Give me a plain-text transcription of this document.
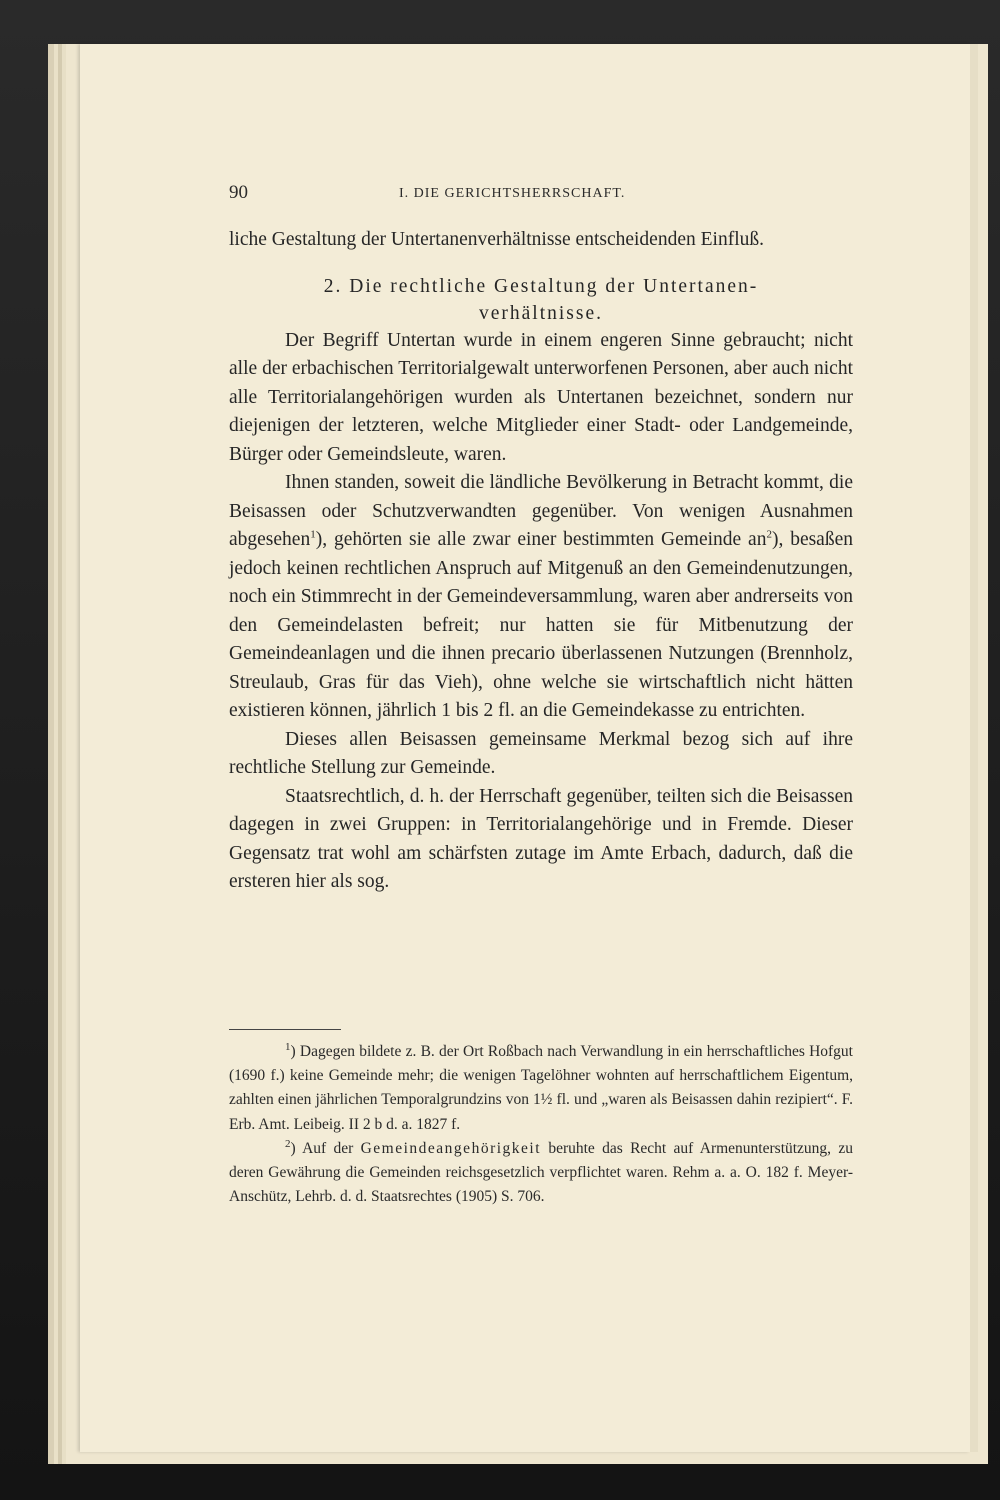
90	I. DIE GERICHTSHERRSCHAFT.

liche Gestaltung der Untertanenverhältnisse entscheidenden Einfluß.

2. Die rechtliche Gestaltung der Untertanen-
verhältnisse.

Der Begriff Untertan wurde in einem engeren Sinne gebraucht; nicht alle der erbachischen Territorialgewalt unterworfenen Personen, aber auch nicht alle Territorialangehörigen wurden als Untertanen bezeichnet, sondern nur diejenigen der letzteren, welche Mitglieder einer Stadt- oder Landgemeinde, Bürger oder Gemeindsleute, waren.

Ihnen standen, soweit die ländliche Bevölkerung in Betracht kommt, die Beisassen oder Schutzverwandten gegenüber. Von wenigen Ausnahmen abgesehen$^1$), gehörten sie alle zwar einer bestimmten Gemeinde $an^2$), besaßen jedoch keinen rechtlichen Anspruch auf Mitgenuß an den Gemeindenutzungen, noch ein Stimmrecht in der Gemeindeversammlung, waren aber andrerseits von den Gemeindelasten befreit; nur hatten sie für Mitbenutzung der Gemeindeanlagen und die ihnen precario überlassenen Nutzungen (Brennholz, Streulaub, Gras für das Vieh), ohne welche sie wirtschaftlich nicht hätten existieren können, jährlich 1 bis 2 fl. an die Gemeindekasse zu entrichten.

Dieses allen Beisassen gemeinsame Merkmal bezog sich auf ihre rechtliche Stellung zur Gemeinde.

Staatsrechtlich, d. h. der Herrschaft gegenüber, teilten sich die Beisassen dagegen in zwei Gruppen: in Territorialangehörige und in Fremde. Dieser Gegensatz trat wohl am schärfsten zutage im Amte Erbach, dadurch, daß die ersteren hier als sog.

$^1$) Dagegen bildete z. B. der Ort Roßbach nach Verwandlung in ein herrschaftliches Hofgut (1690 f.) keine Gemeinde mehr; die wenigen Tagelöhner wohnten auf herrschaftlichem Eigentum, zahlten einen jährlichen Temporalgrundzins von 1½ fl. und „waren als Beisassen dahin rezipiert“. F. Erb. Amt. Leibeig. II 2 b d. a. 1827 f.

$^2$) Auf der Gemeindeangehörigkeit beruhte das Recht auf Armenunterstützung, zu deren Gewährung die Gemeinden reichsgesetzlich verpflichtet waren. Rehm a. a. O. 182 f. Meyer-Anschütz, Lehrb. d. d. Staatsrechtes (1905) S. 706.
